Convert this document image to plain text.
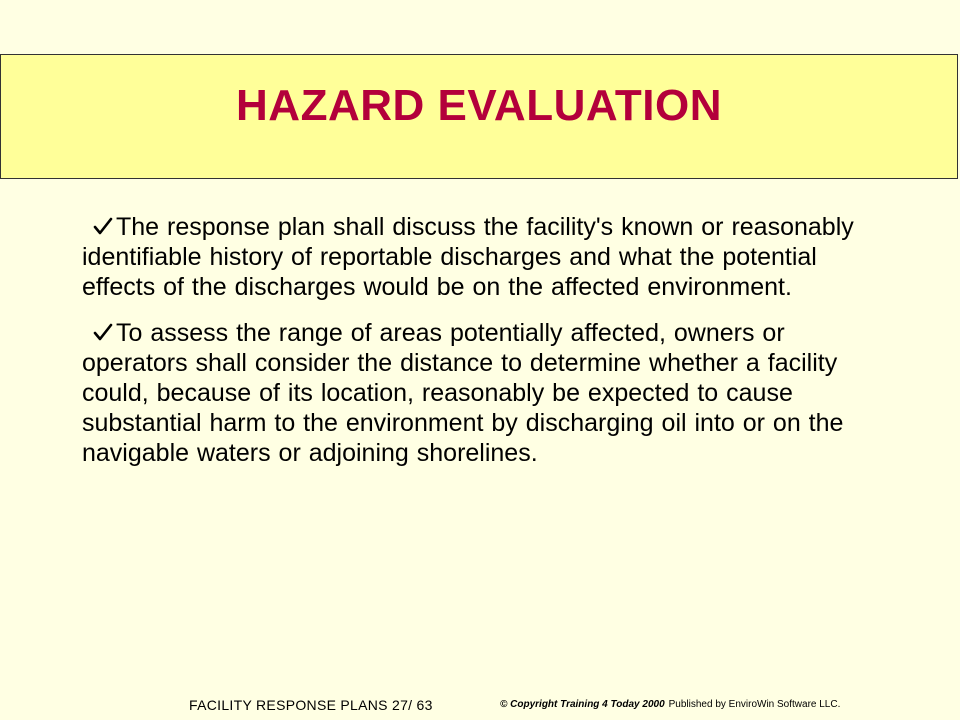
HAZARD EVALUATION
The response plan shall discuss the facility's known or reasonably identifiable history of reportable discharges and what the potential effects of the discharges would be on the affected environment.
To assess the range of areas potentially affected, owners or operators shall consider the distance to determine whether a facility could, because of its location, reasonably be expected to cause substantial harm to the environment by discharging oil into or on the navigable waters or adjoining shorelines.
FACILITY RESPONSE PLANS 27/ 63	© Copyright Training 4 Today 2000 Published by EnviroWin Software LLC.
